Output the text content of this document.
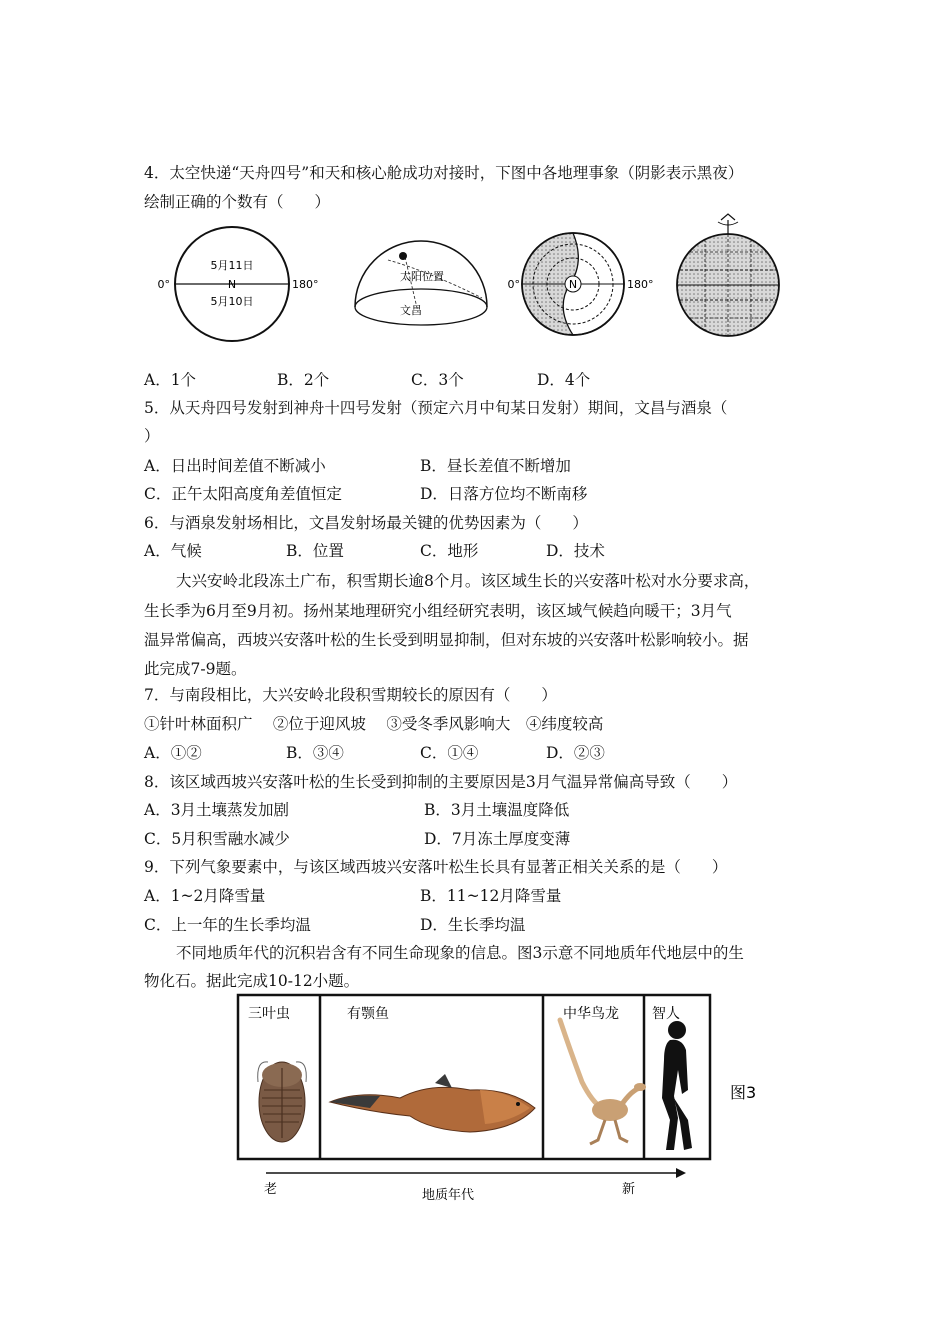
4．太空快递“天舟四号”和天和核心舱成功对接时，下图中各地理事象（阴影表示黑夜）
绘制正确的个数有（　　）
5月11日
5月10日
N
0°	180°
太阳位置
文昌
N
0°	180°
A．1个	B．2个	C．3个	D．4个
5．从天舟四号发射到神舟十四号发射（预定六月中旬某日发射）期间，文昌与酒泉（
）
A．日出时间差值不断减小	B．昼长差值不断增加
C．正午太阳高度角差值恒定	D．日落方位均不断南移
6．与酒泉发射场相比，文昌发射场最关键的优势因素为（　　）
A．气候	B．位置	C．地形	D．技术
大兴安岭北段冻土广布，积雪期长逾8个月。该区域生长的兴安落叶松对水分要求高，
生长季为6月至9月初。扬州某地理研究小组经研究表明，该区域气候趋向暖干；3月气
温异常偏高，西坡兴安落叶松的生长受到明显抑制，但对东坡的兴安落叶松影响较小。据
此完成7-9题。
7．与南段相比，大兴安岭北段积雪期较长的原因有（　　）
①针叶林面积广　 ②位于迎风坡　 ③受冬季风影响大　④纬度较高
A．①②	B．③④	C．①④	D．②③
8．该区域西坡兴安落叶松的生长受到抑制的主要原因是3月气温异常偏高导致（　　）
A．3月土壤蒸发加剧	B．3月土壤温度降低
C．5月积雪融水减少	D．7月冻土厚度变薄
9．下列气象要素中，与该区域西坡兴安落叶松生长具有显著正相关关系的是（　　）
A．1~2月降雪量	B．11~12月降雪量
C．上一年的生长季均温	D．生长季均温
不同地质年代的沉积岩含有不同生命现象的信息。图3示意不同地质年代地层中的生
物化石。据此完成10-12小题。
三叶虫	有颚鱼	中华鸟龙 智人
图3
老	地质年代	新
